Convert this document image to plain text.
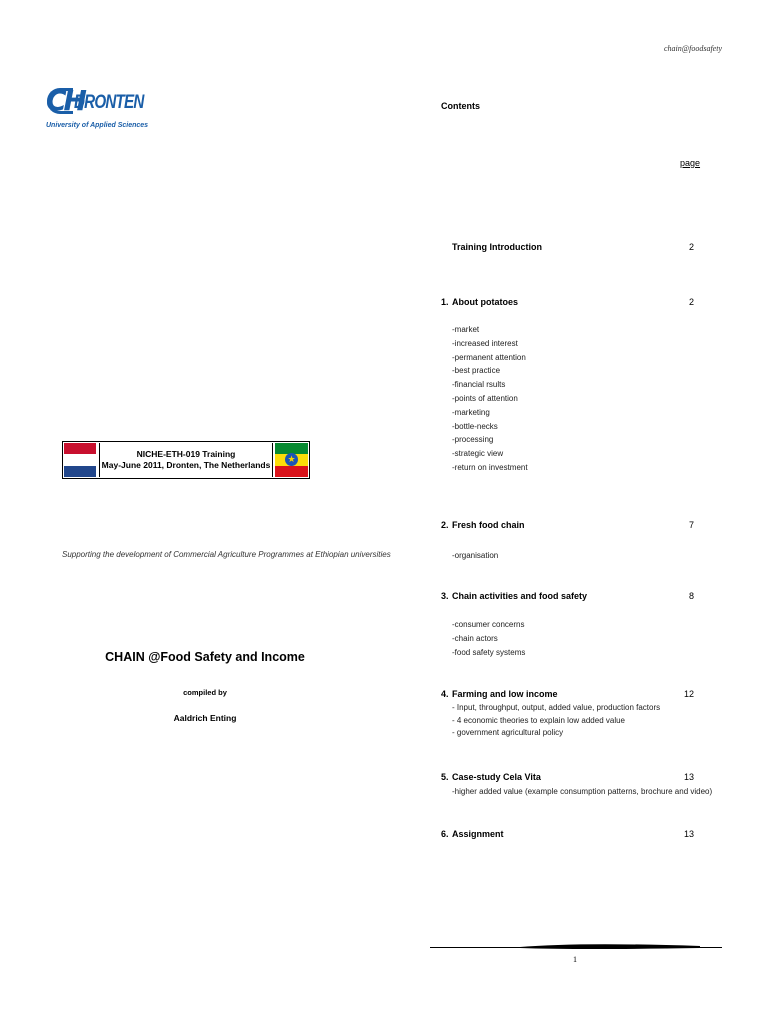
chain@foodsafety
CH
DRONTEN
University of Applied Sciences
NICHE-ETH-019 Training
May-June 2011, Dronten, The Netherlands
★
Supporting the development of Commercial Agriculture Programmes at Ethiopian universities
CHAIN @Food Safety and Income
compiled by
Aaldrich Enting
Contents
page
Training Introduction	2
1. About potatoes	2
-market
-increased interest
-permanent attention
-best practice
-financial rsults
-points of attention
-marketing
-bottle-necks
-processing
-strategic view
-return on investment
2. Fresh food chain	7
-organisation
3. Chain activities and food safety	8
-consumer concerns
-chain actors
-food safety systems
4. Farming and low income	12
- Input, throughput, output, added value, production factors
- 4 economic theories to explain low added value
- government agricultural policy
5. Case-study Cela Vita	13
-higher added value (example consumption patterns, brochure and video)
6. Assignment	13
1
